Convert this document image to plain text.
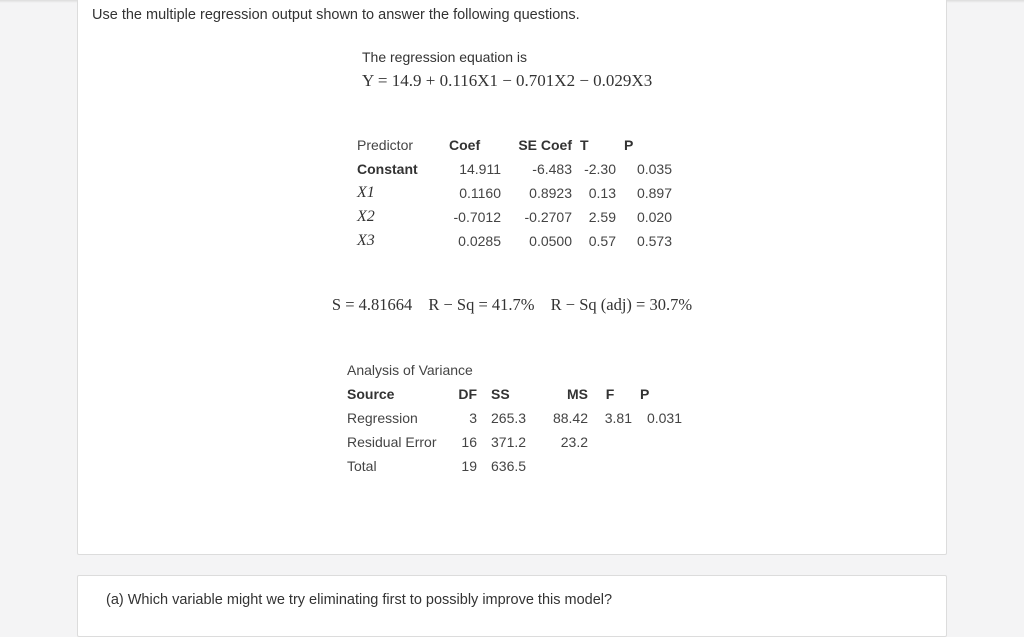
Use the multiple regression output shown to answer the following questions.
The regression equation is
Y = 14.9 + 0.116X1 − 0.701X2 − 0.029X3
Predictor	Coef	SE Coef	T	P
Constant	14.911	-6.483	-2.30	0.035
X1	0.1160	0.8923	0.13	0.897
X2	-0.7012	-0.2707	2.59	0.020
X3	0.0285	0.0500	0.57	0.573
S = 4.81664 R − Sq = 41.7% R − Sq (adj) = 30.7%
Analysis of Variance
Source	DF		SS	MS	F	P
Regression	3		265.3	88.42	3.81	0.031
Residual Error	16		371.2	23.2		
Total	19		636.5			
(a) Which variable might we try eliminating first to possibly improve this model?
